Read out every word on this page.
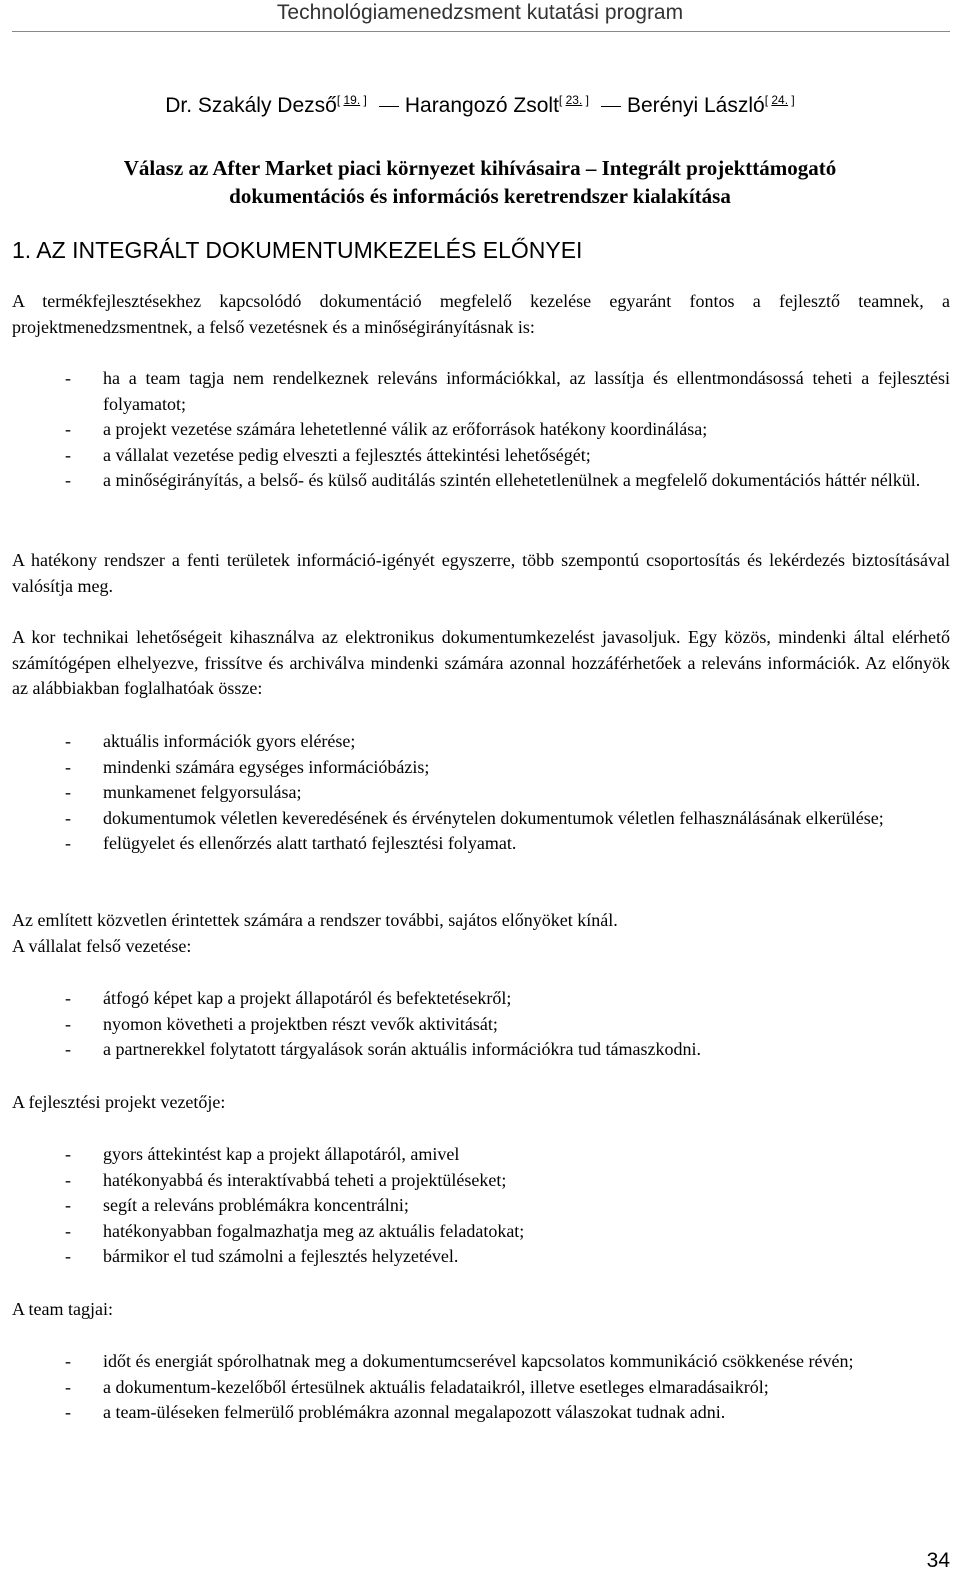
Technológiamenedzsment kutatási program
Dr. Szakály Dezső[ 19. ] Harangozó Zsolt[ 23. ] Berényi László[ 24. ]
Válasz az After Market piaci környezet kihívásaira – Integrált projekttámogató
dokumentációs és információs keretrendszer kialakítása
1. AZ INTEGRÁLT DOKUMENTUMKEZELÉS ELŐNYEI

A termékfejlesztésekhez kapcsolódó dokumentáció megfelelő kezelése egyaránt fontos a fejlesztő teamnek, a projektmenedzsmentnek, a felső vezetésnek és a minőségirányításnak is:

- ha a team tagja nem rendelkeznek releváns információkkal, az lassítja és ellentmondásossá teheti a fejlesztési folyamatot;
- a projekt vezetése számára lehetetlenné válik az erőforrások hatékony koordinálása;
- a vállalat vezetése pedig elveszti a fejlesztés áttekintési lehetőségét;
- a minőségirányítás, a belső- és külső auditálás szintén ellehetetlenülnek a megfelelő dokumentációs háttér nélkül.

A hatékony rendszer a fenti területek információ-igényét egyszerre, több szempontú csoportosítás és lekérdezés biztosításával valósítja meg.

A kor technikai lehetőségeit kihasználva az elektronikus dokumentumkezelést javasoljuk. Egy közös, mindenki által elérhető számítógépen elhelyezve, frissítve és archiválva mindenki számára azonnal hozzáférhetőek a releváns információk. Az előnyök az alábbiakban foglalhatóak össze:

- aktuális információk gyors elérése;
- mindenki számára egységes információbázis;
- munkamenet felgyorsulása;
- dokumentumok véletlen keveredésének és érvénytelen dokumentumok véletlen felhasználásának elkerülése;
- felügyelet és ellenőrzés alatt tartható fejlesztési folyamat.

Az említett közvetlen érintettek számára a rendszer további, sajátos előnyöket kínál.

A vállalat felső vezetése:

- átfogó képet kap a projekt állapotáról és befektetésekről;
- nyomon követheti a projektben részt vevők aktivitását;
- a partnerekkel folytatott tárgyalások során aktuális információkra tud támaszkodni.

A fejlesztési projekt vezetője:

- gyors áttekintést kap a projekt állapotáról, amivel
- hatékonyabbá és interaktívabbá teheti a projektüléseket;
- segít a releváns problémákra koncentrálni;
- hatékonyabban fogalmazhatja meg az aktuális feladatokat;
- bármikor el tud számolni a fejlesztés helyzetével.

A team tagjai:

- időt és energiát spórolhatnak meg a dokumentumcserével kapcsolatos kommunikáció csökkenése révén;
- a dokumentum-kezelőből értesülnek aktuális feladataikról, illetve esetleges elmaradásaikról;
- a team-üléseken felmerülő problémákra azonnal megalapozott válaszokat tudnak adni.
34
